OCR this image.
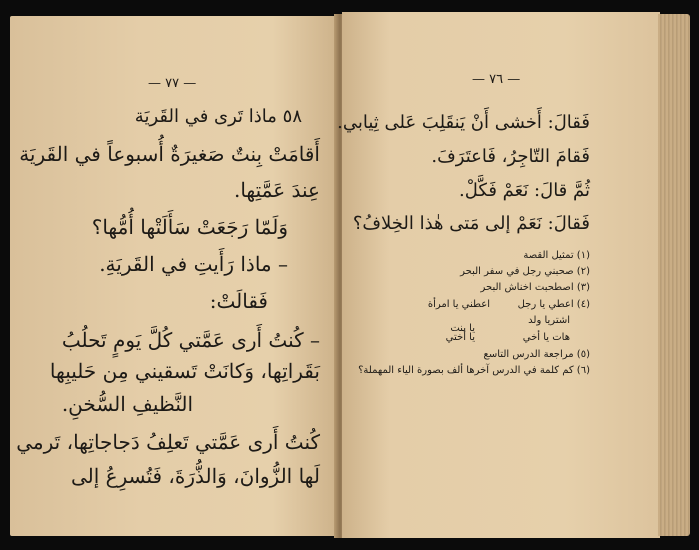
— ٧٧ —
٥٨ ماذا تَرى في القَريَة
أَقامَتْ بِنتٌ صَغيرَةٌ أُسبوعاً في القَريَة
عِندَ عَمَّتِها.
وَلَمّا رَجَعَتْ سَأَلَتْها أُمُّها؟
– ماذا رَأَيتِ في القَريَةِ.
فَقالَتْ:
– كُنتُ أَرى عَمَّتي كُلَّ يَومٍ تَحلُبُ
بَقَراتِها، وَكانَتْ تَسقيني مِن حَليبِها
النَّظيفِ السُّخنِ.
كُنتُ أَرى عَمَّتي تَعلِفُ دَجاجاتِها، تَرمي
لَها الزُّوانَ، وَالذُّرَةَ، فَتُسرِعُ إلى
— ٧٦ —
فَقالَ: أَخشى أَنْ يَنقَلِبَ عَلى ثِيابي.
فَقامَ التّاجِرُ، فَاعتَرَفَ.
ثُمَّ قالَ: نَعَمْ فَكَّلْ.
فَقالَ: نَعَمْ إلى مَتى هٰذا الخِلافُ؟
(١) تمثيل القصة
(٢) صحبني رجل في سفر البحر
(٣) اصطحبت اخناش البحر
(٤) اعطي يا رجل
اعطني يا امرأة
اشتريا ولد
يا بنت
هات يا أخي
يا أختي
(٥) مراجعة الدرس التاسع
(٦) كم كلمة في الدرس آخرها ألف بصورة الياء المهملة؟
